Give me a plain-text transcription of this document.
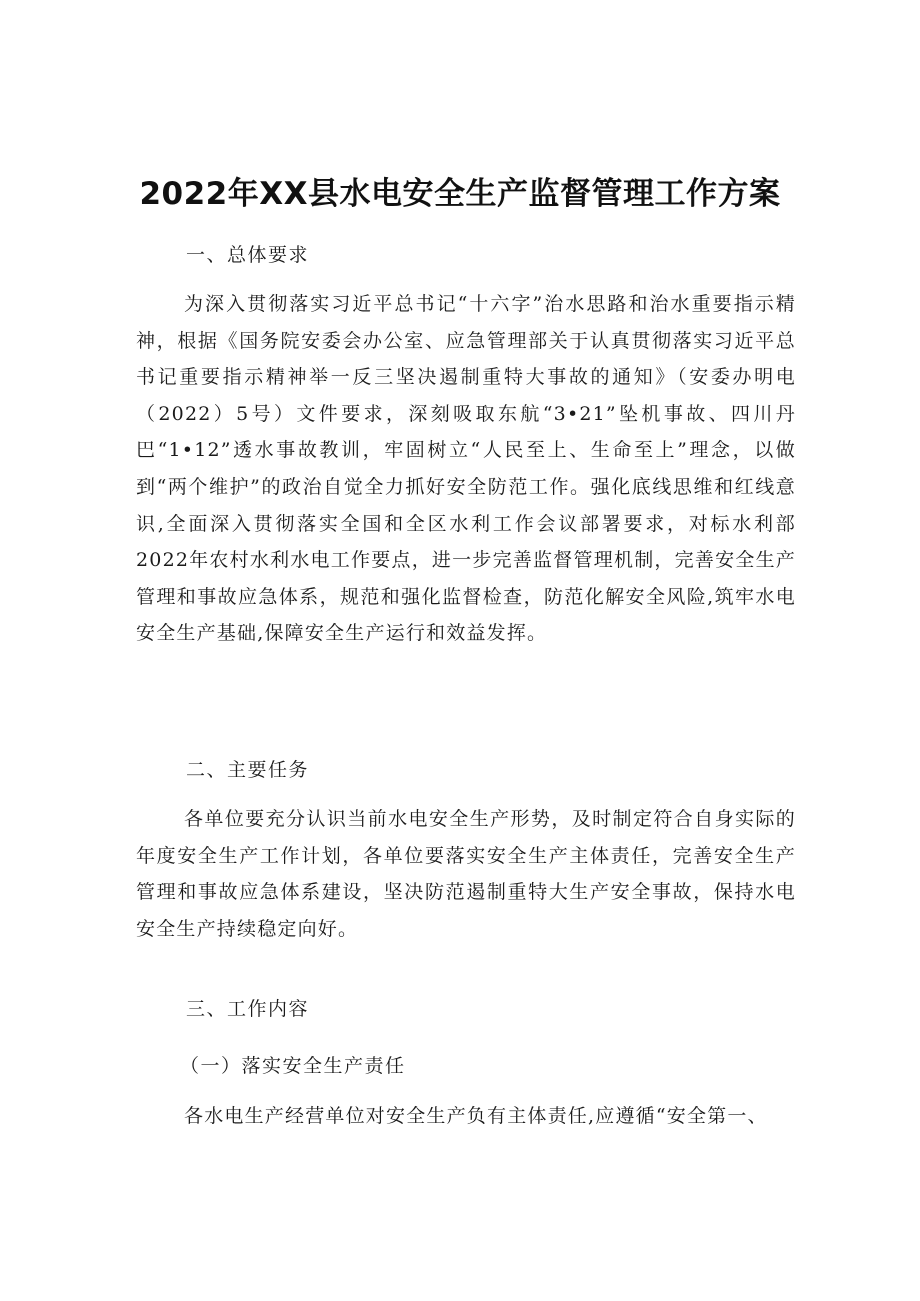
2022年XX县水电安全生产监督管理工作方案

一、总体要求

为深入贯彻落实习近平总书记“十六字”治水思路和治水重要指示精神，根据《国务院安委会办公室、应急管理部关于认真贯彻落实习近平总书记重要指示精神举一反三坚决遏制重特大事故的通知》（安委办明电（2022）5号）文件要求，深刻吸取东航“3•21”坠机事故、四川丹巴“1•12”透水事故教训，牢固树立“人民至上、生命至上”理念，以做到“两个维护”的政治自觉全力抓好安全防范工作。强化底线思维和红线意识,全面深入贯彻落实全国和全区水利工作会议部署要求，对标水利部2022年农村水利水电工作要点，进一步完善监督管理机制，完善安全生产管理和事故应急体系，规范和强化监督检查，防范化解安全风险,筑牢水电安全生产基础,保障安全生产运行和效益发挥。

二、主要任务

各单位要充分认识当前水电安全生产形势，及时制定符合自身实际的年度安全生产工作计划，各单位要落实安全生产主体责任，完善安全生产管理和事故应急体系建设，坚决防范遏制重特大生产安全事故，保持水电安全生产持续稳定向好。

三、工作内容

（一）落实安全生产责任

各水电生产经营单位对安全生产负有主体责任,应遵循“安全第一、
